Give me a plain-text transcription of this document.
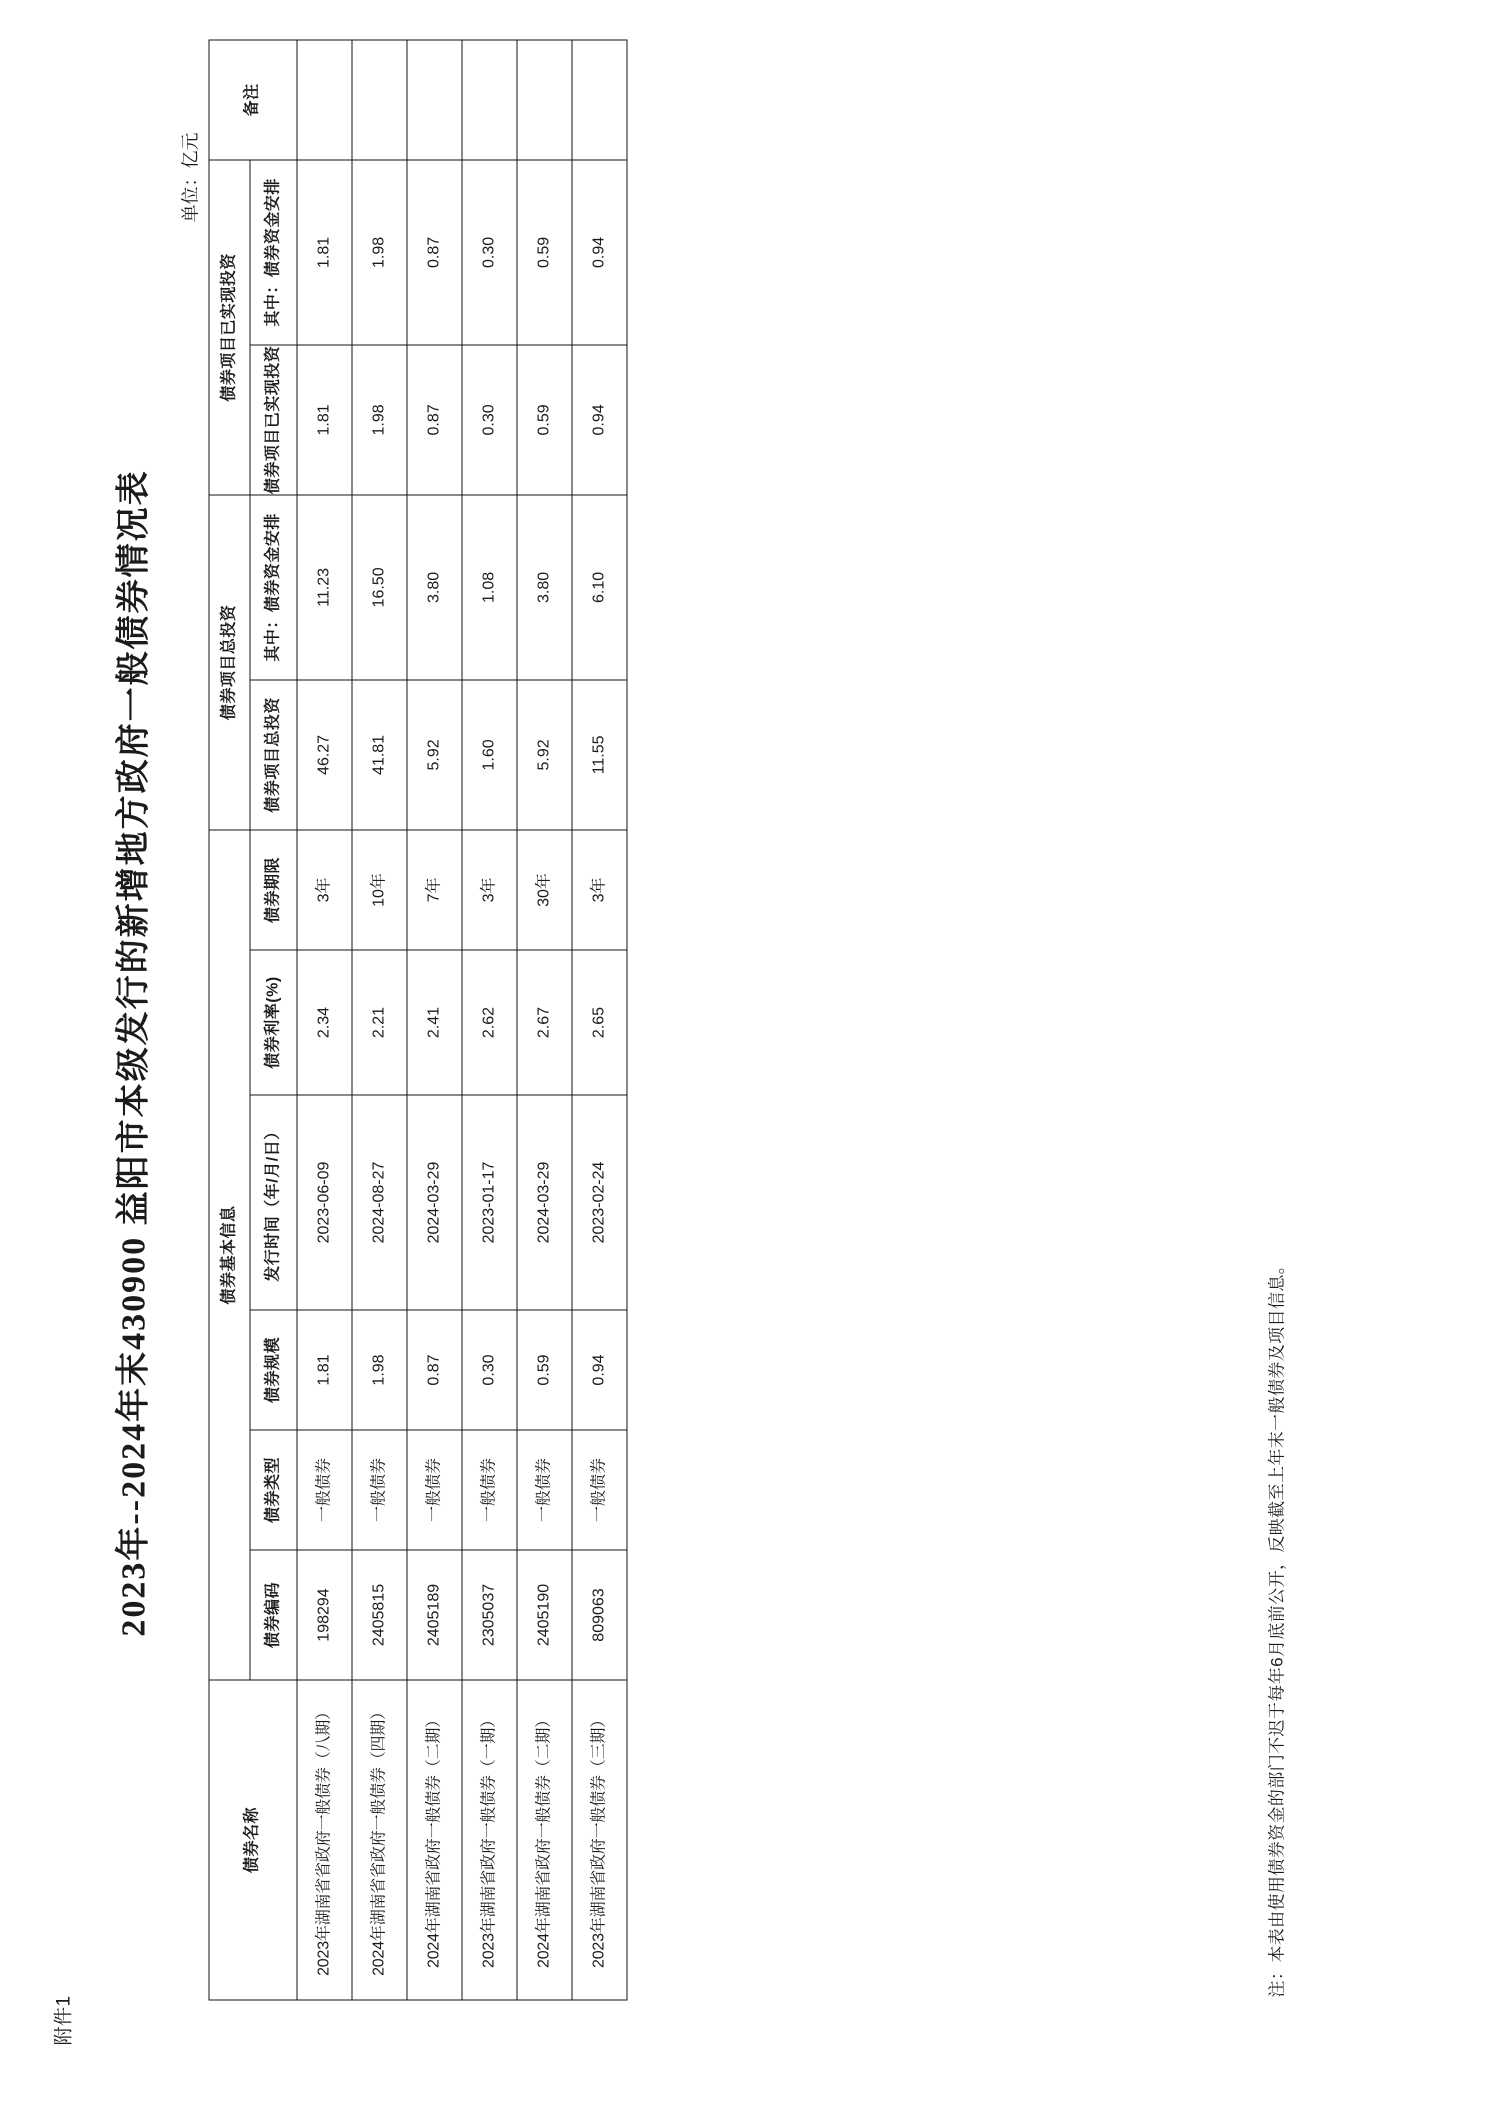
附件1
2023年--2024年末430900 益阳市本级发行的新增地方政府一般债券情况表
单位：亿元
债券名称	债券基本信息						债券项目总投资		债券项目已实现投资		备注
	债券编码	债券类型	债券规模	发行时间（年/月/日）	债券利率(%)	债券期限	债券项目总投资	其中：债券资金安排	债券项目已实现投资	其中：债券资金安排	
2023年湖南省省政府一般债券（八期）	198294	一般债券	1.81	2023-06-09	2.34	3年	46.27	11.23	1.81	1.81	
2024年湖南省省政府一般债券（四期）	2405815	一般债券	1.98	2024-08-27	2.21	10年	41.81	16.50	1.98	1.98	
2024年湖南省政府一般债券（二期）	2405189	一般债券	0.87	2024-03-29	2.41	7年	5.92	3.80	0.87	0.87	
2023年湖南省政府一般债券（一期）	2305037	一般债券	0.30	2023-01-17	2.62	3年	1.60	1.08	0.30	0.30	
2024年湖南省政府一般债券（二期）	2405190	一般债券	0.59	2024-03-29	2.67	30年	5.92	3.80	0.59	0.59	
2023年湖南省政府一般债券（三期）	809063	一般债券	0.94	2023-02-24	2.65	3年	11.55	6.10	0.94	0.94	
注：本表由使用债券资金的部门不迟于每年6月底前公开，反映截至上年末一般债券及项目信息。
